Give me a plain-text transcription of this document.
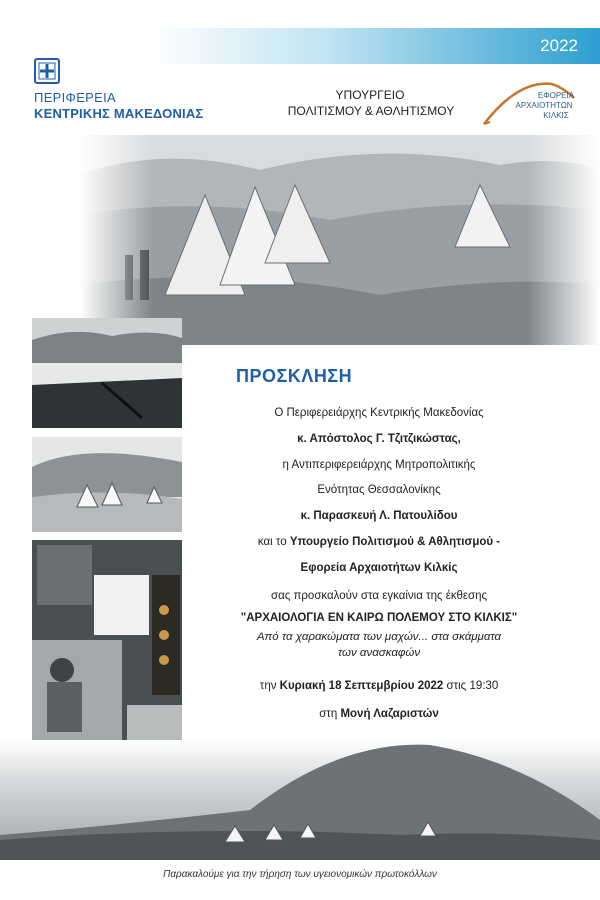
2022
ΠΕΡΙΦΕΡΕΙΑ
ΚΕΝΤΡΙΚΗΣ ΜΑΚΕΔΟΝΙΑΣ
ΥΠΟΥΡΓΕΙΟ
ΠΟΛΙΤΙΣΜΟΥ & ΑΘΛΗΤΙΣΜΟΥ
ΕΦΟΡΕΙΑ
ΑΡΧΑΙΟΤΗΤΩΝ
ΚΙΛΚΙΣ
ΠΡΟΣΚΛΗΣΗ
Ο Περιφερειάρχης Κεντρικής Μακεδονίας
κ. Απόστολος Γ. Τζιτζικώστας,
η Αντιπεριφερειάρχης Μητροπολιτικής
Ενότητας Θεσσαλονίκης
κ. Παρασκευή Λ. Πατουλίδου
και το Υπουργείο Πολιτισμού & Αθλητισμού -
Εφορεία Αρχαιοτήτων Κιλκίς
σας προσκαλούν στα εγκαίνια της έκθεσης
"ΑΡΧΑΙΟΛΟΓΙΑ ΕΝ ΚΑΙΡΩ ΠΟΛΕΜΟΥ ΣΤΟ ΚΙΛΚΙΣ"
Από τα χαρακώματα των μαχών... στα σκάμματα
των ανασκαφών
την Κυριακή 18 Σεπτεμβρίου 2022 στις 19:30
στη Μονή Λαζαριστών
Παρακαλούμε για την τήρηση των υγειονομικών πρωτοκόλλων
